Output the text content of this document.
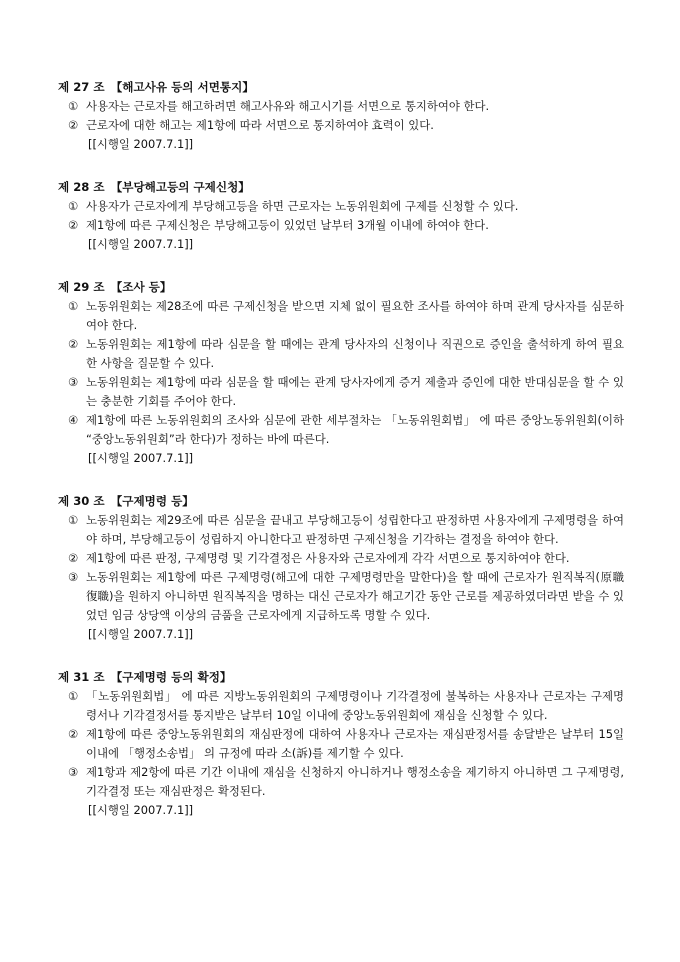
제 27 조 【해고사유 등의 서면통지】
① 사용자는 근로자를 해고하려면 해고사유와 해고시기를 서면으로 통지하여야 한다.
② 근로자에 대한 해고는 제1항에 따라 서면으로 통지하여야 효력이 있다.
[[시행일 2007.7.1]]
제 28 조 【부당해고등의 구제신청】
① 사용자가 근로자에게 부당해고등을 하면 근로자는 노동위원회에 구제를 신청할 수 있다.
② 제1항에 따른 구제신청은 부당해고등이 있었던 날부터 3개월 이내에 하여야 한다.
[[시행일 2007.7.1]]
제 29 조 【조사 등】
① 노동위원회는 제28조에 따른 구제신청을 받으면 지체 없이 필요한 조사를 하여야 하며 관계 당사자를 심문하여야 한다.
② 노동위원회는 제1항에 따라 심문을 할 때에는 관계 당사자의 신청이나 직권으로 증인을 출석하게 하여 필요한 사항을 질문할 수 있다.
③ 노동위원회는 제1항에 따라 심문을 할 때에는 관계 당사자에게 증거 제출과 증인에 대한 반대심문을 할 수 있는 충분한 기회를 주어야 한다.
④ 제1항에 따른 노동위원회의 조사와 심문에 관한 세부절차는 「노동위원회법」 에 따른 중앙노동위원회(이하 “중앙노동위원회”라 한다)가 정하는 바에 따른다.
[[시행일 2007.7.1]]
제 30 조 【구제명령 등】
① 노동위원회는 제29조에 따른 심문을 끝내고 부당해고등이 성립한다고 판정하면 사용자에게 구제명령을 하여야 하며, 부당해고등이 성립하지 아니한다고 판정하면 구제신청을 기각하는 결정을 하여야 한다.
② 제1항에 따른 판정, 구제명령 및 기각결정은 사용자와 근로자에게 각각 서면으로 통지하여야 한다.
③ 노동위원회는 제1항에 따른 구제명령(해고에 대한 구제명령만을 말한다)을 할 때에 근로자가 원직복직(原職復職)을 원하지 아니하면 원직복직을 명하는 대신 근로자가 해고기간 동안 근로를 제공하였더라면 받을 수 있었던 임금 상당액 이상의 금품을 근로자에게 지급하도록 명할 수 있다.
[[시행일 2007.7.1]]
제 31 조 【구제명령 등의 확정】
① 「노동위원회법」 에 따른 지방노동위원회의 구제명령이나 기각결정에 불복하는 사용자나 근로자는 구제명령서나 기각결정서를 통지받은 날부터 10일 이내에 중앙노동위원회에 재심을 신청할 수 있다.
② 제1항에 따른 중앙노동위원회의 재심판정에 대하여 사용자나 근로자는 재심판정서를 송달받은 날부터 15일 이내에 「행정소송법」 의 규정에 따라 소(訴)를 제기할 수 있다.
③ 제1항과 제2항에 따른 기간 이내에 재심을 신청하지 아니하거나 행정소송을 제기하지 아니하면 그 구제명령, 기각결정 또는 재심판정은 확정된다.
[[시행일 2007.7.1]]
